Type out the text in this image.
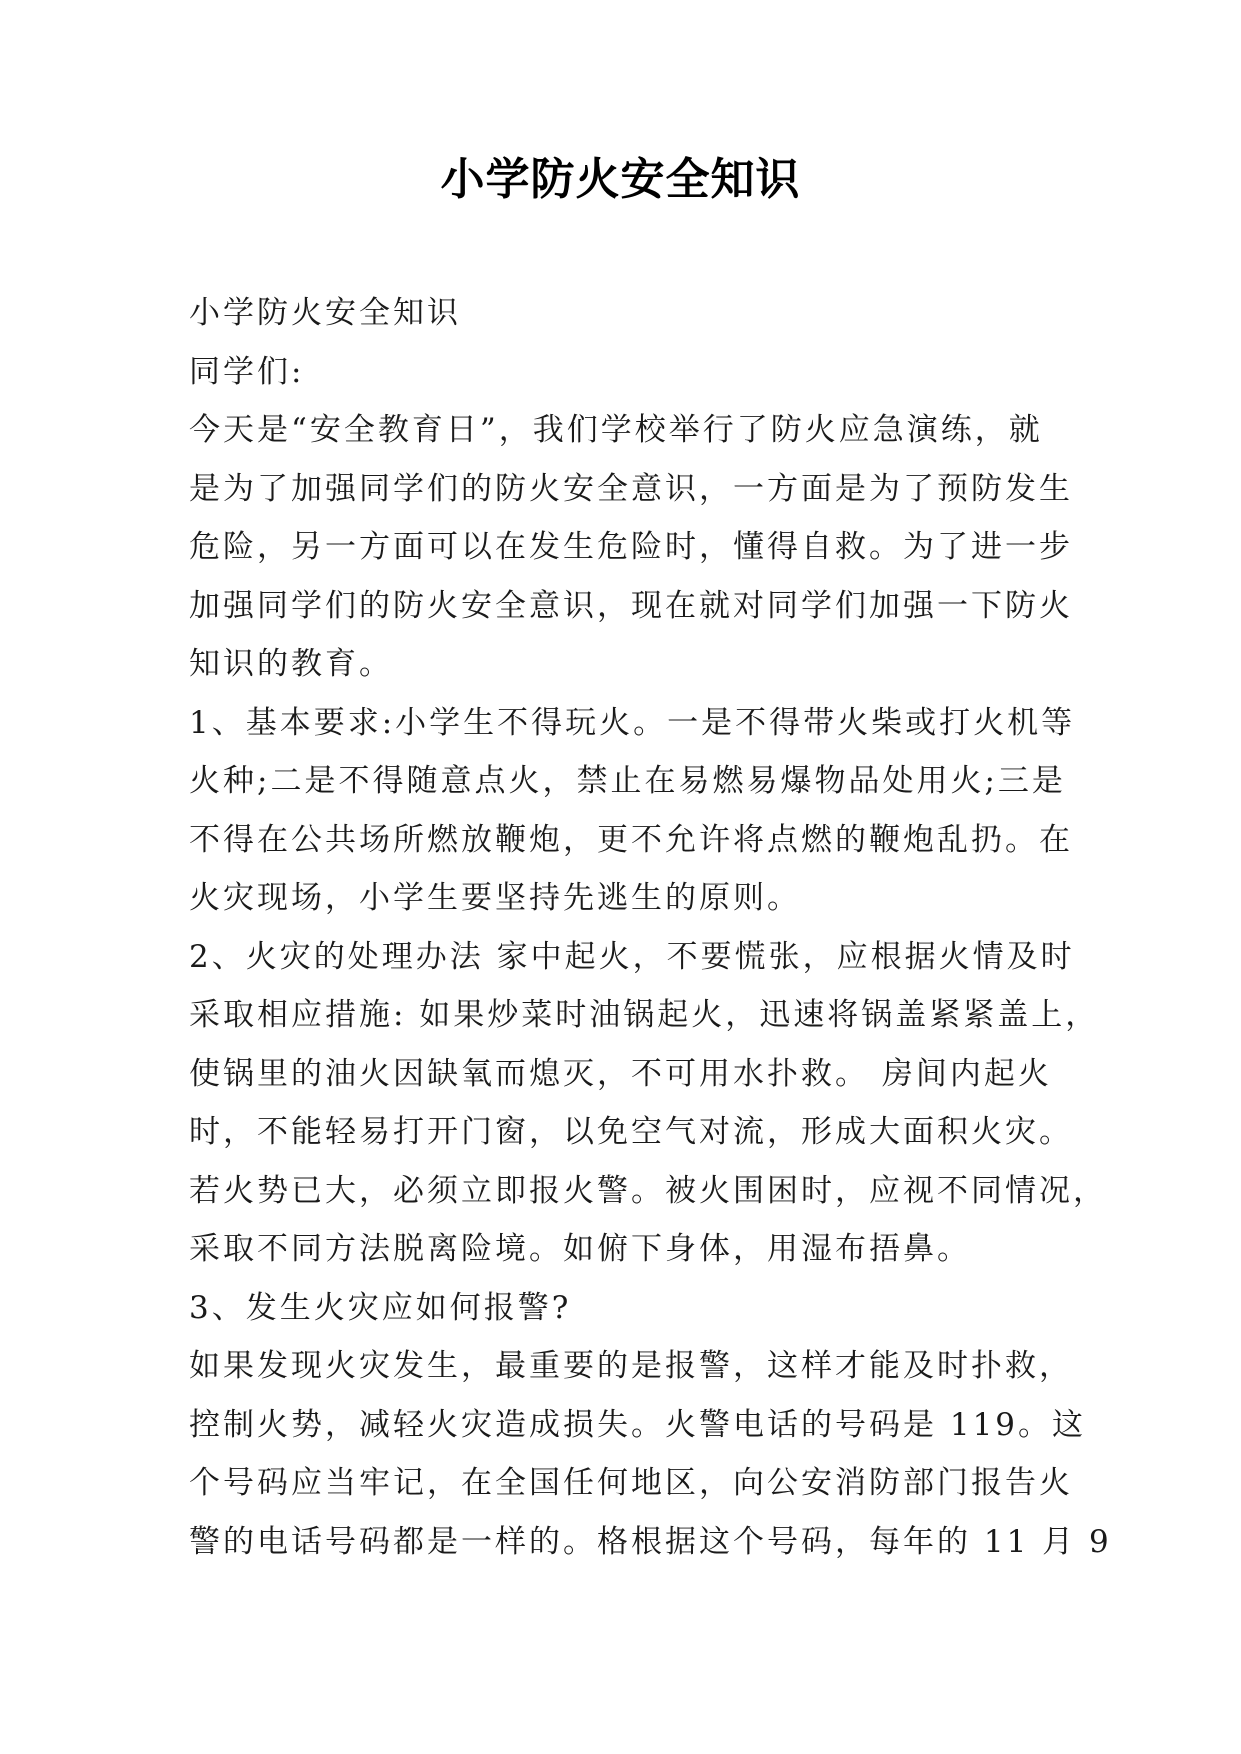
小学防火安全知识
小学防火安全知识
同学们:
今天是“安全教育日”，我们学校举行了防火应急演练，就
是为了加强同学们的防火安全意识，一方面是为了预防发生
危险，另一方面可以在发生危险时，懂得自救。为了进一步
加强同学们的防火安全意识，现在就对同学们加强一下防火
知识的教育。
1、基本要求:小学生不得玩火。一是不得带火柴或打火机等
火种;二是不得随意点火，禁止在易燃易爆物品处用火;三是
不得在公共场所燃放鞭炮，更不允许将点燃的鞭炮乱扔。在
火灾现场，小学生要坚持先逃生的原则。
2、火灾的处理办法 家中起火，不要慌张，应根据火情及时
采取相应措施: 如果炒菜时油锅起火，迅速将锅盖紧紧盖上，
使锅里的油火因缺氧而熄灭，不可用水扑救。 房间内起火
时，不能轻易打开门窗，以免空气对流，形成大面积火灾。
若火势已大，必须立即报火警。被火围困时，应视不同情况，
采取不同方法脱离险境。如俯下身体，用湿布捂鼻。
3、发生火灾应如何报警?
如果发现火灾发生，最重要的是报警，这样才能及时扑救，
控制火势，减轻火灾造成损失。火警电话的号码是 119。这
个号码应当牢记，在全国任何地区，向公安消防部门报告火
警的电话号码都是一样的。格根据这个号码，每年的 11 月 9
